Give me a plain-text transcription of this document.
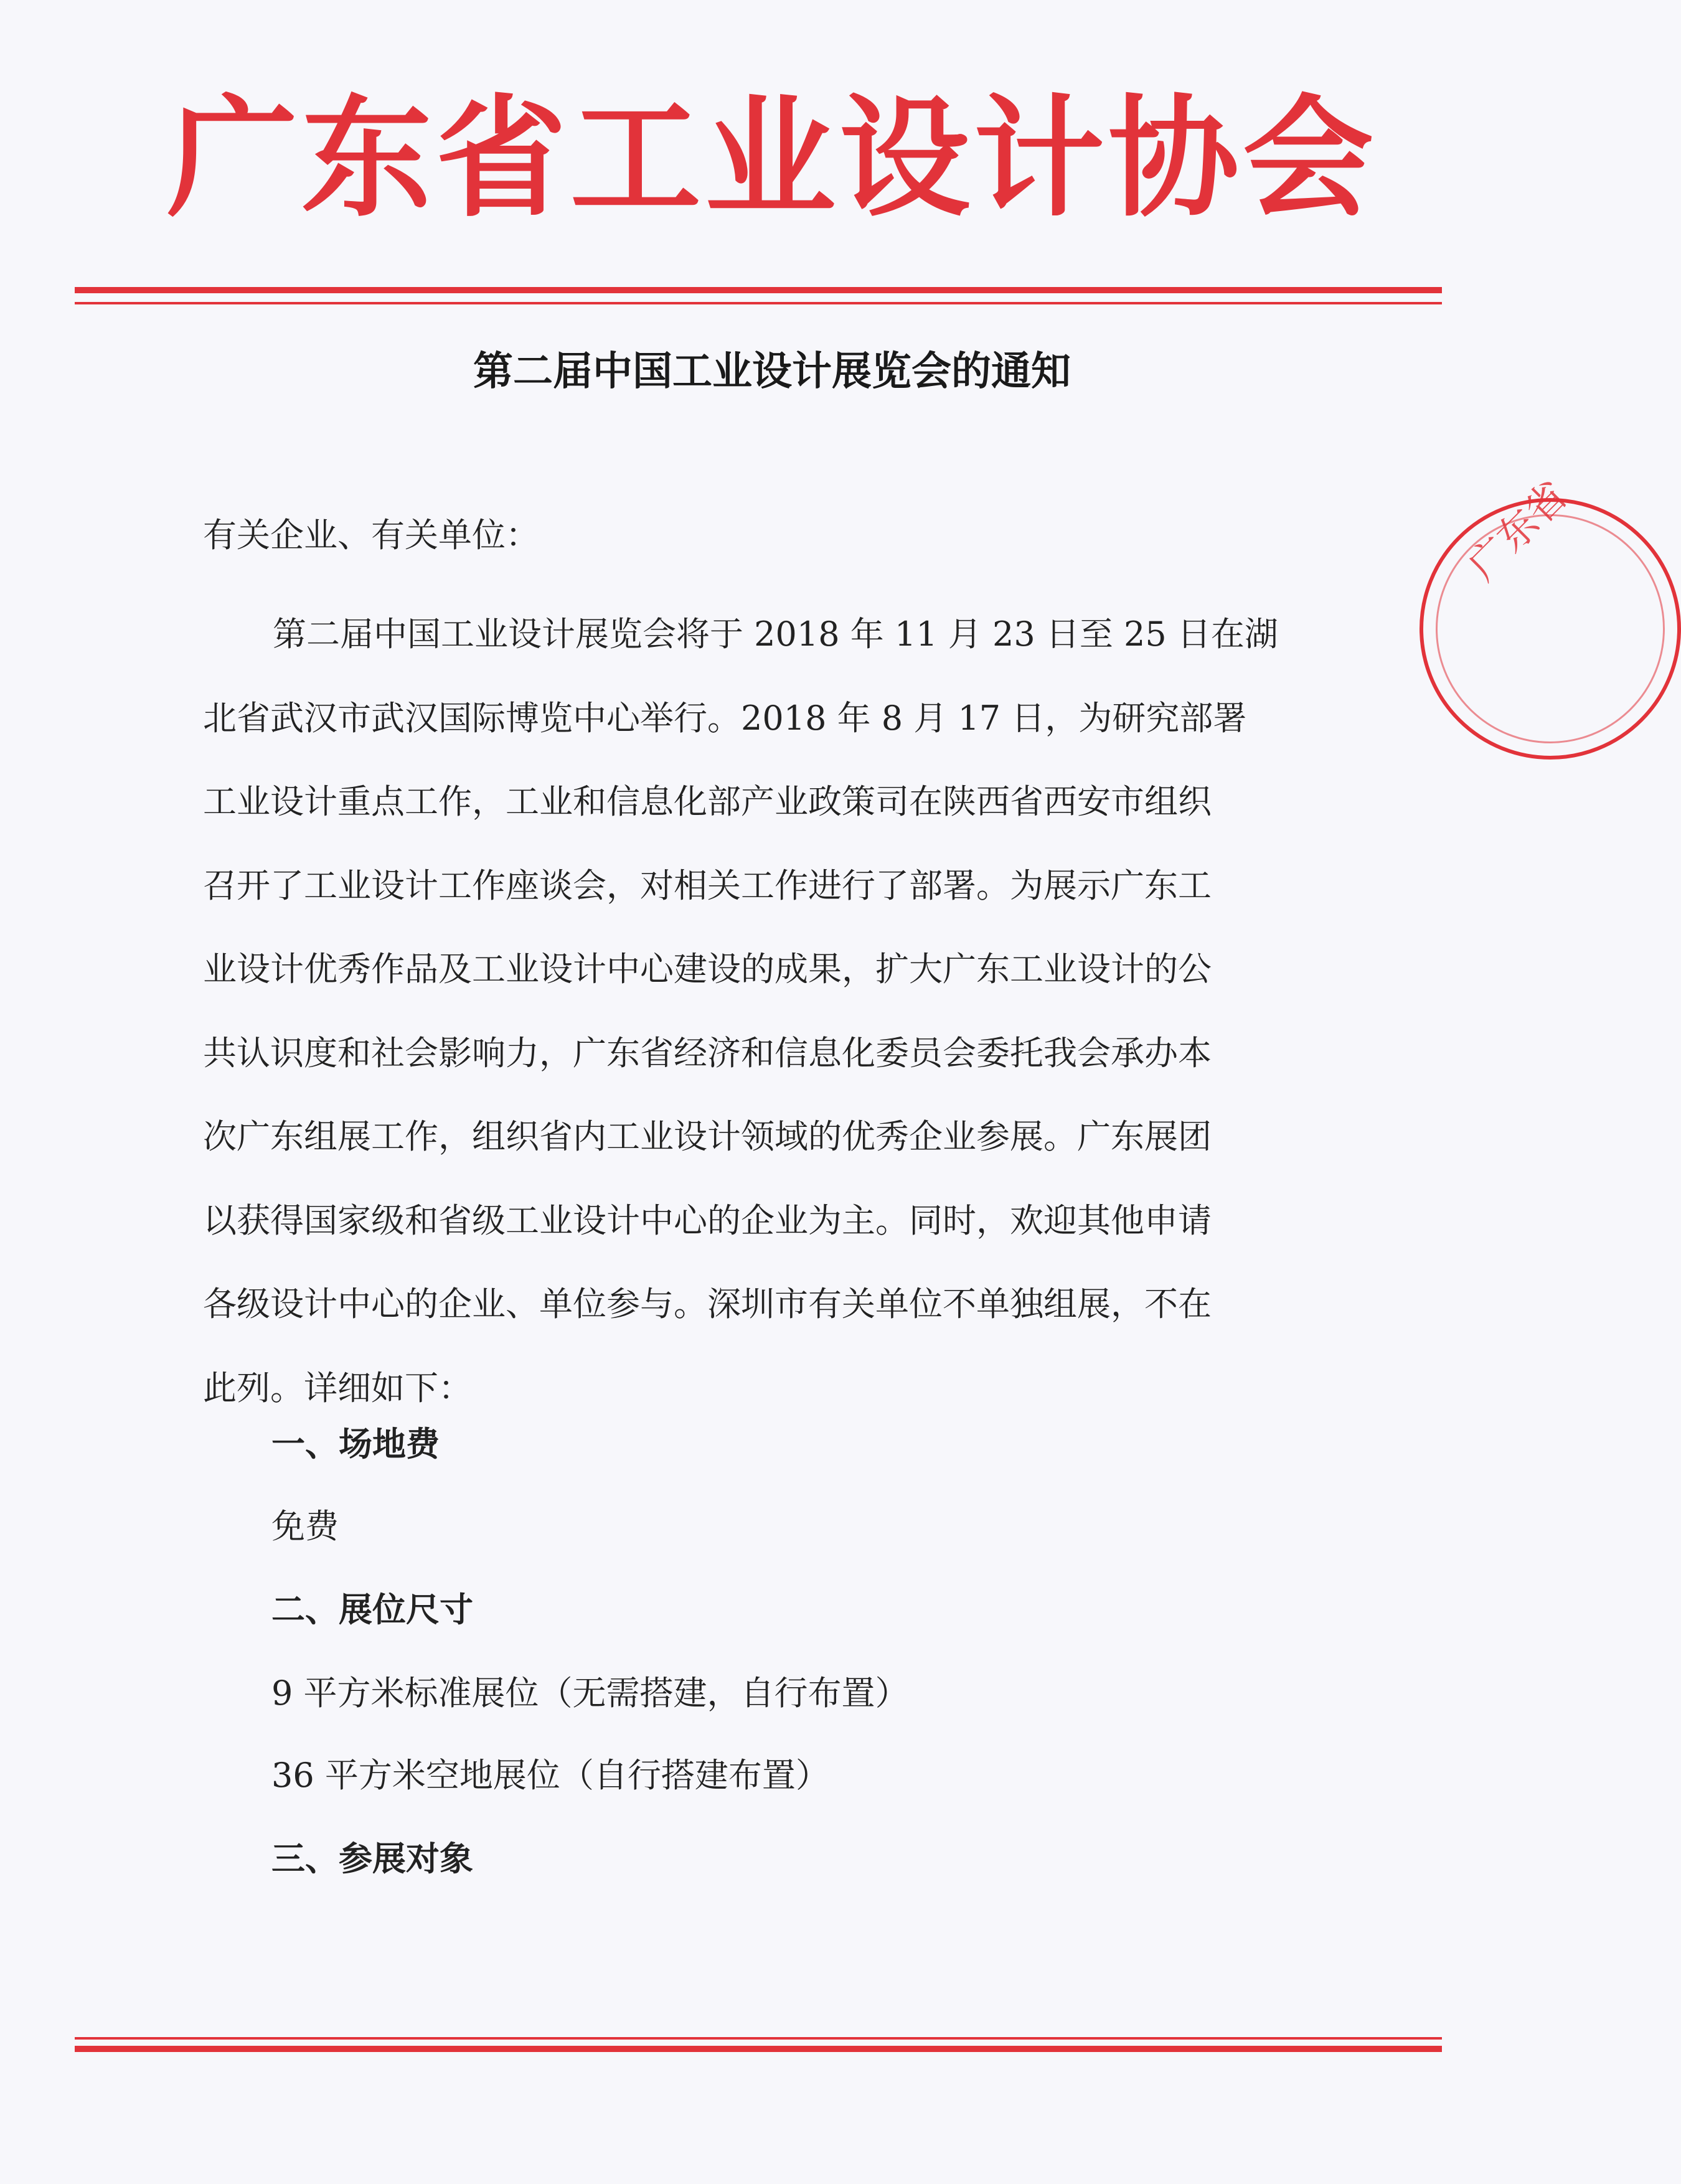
广东省工业设计协会
第二届中国工业设计展览会的通知
有关企业、有关单位：
第二届中国工业设计展览会将于 2018 年 11 月 23 日至 25 日在湖
北省武汉市武汉国际博览中心举行。2018 年 8 月 17 日，为研究部署
工业设计重点工作，工业和信息化部产业政策司在陕西省西安市组织
召开了工业设计工作座谈会，对相关工作进行了部署。为展示广东工
业设计优秀作品及工业设计中心建设的成果，扩大广东工业设计的公
共认识度和社会影响力，广东省经济和信息化委员会委托我会承办本
次广东组展工作，组织省内工业设计领域的优秀企业参展。广东展团
以获得国家级和省级工业设计中心的企业为主。同时，欢迎其他申请
各级设计中心的企业、单位参与。深圳市有关单位不单独组展，不在
此列。详细如下：
一、场地费
免费
二、展位尺寸
9 平方米标准展位（无需搭建，自行布置）
36 平方米空地展位（自行搭建布置）
三、参展对象
广东省
